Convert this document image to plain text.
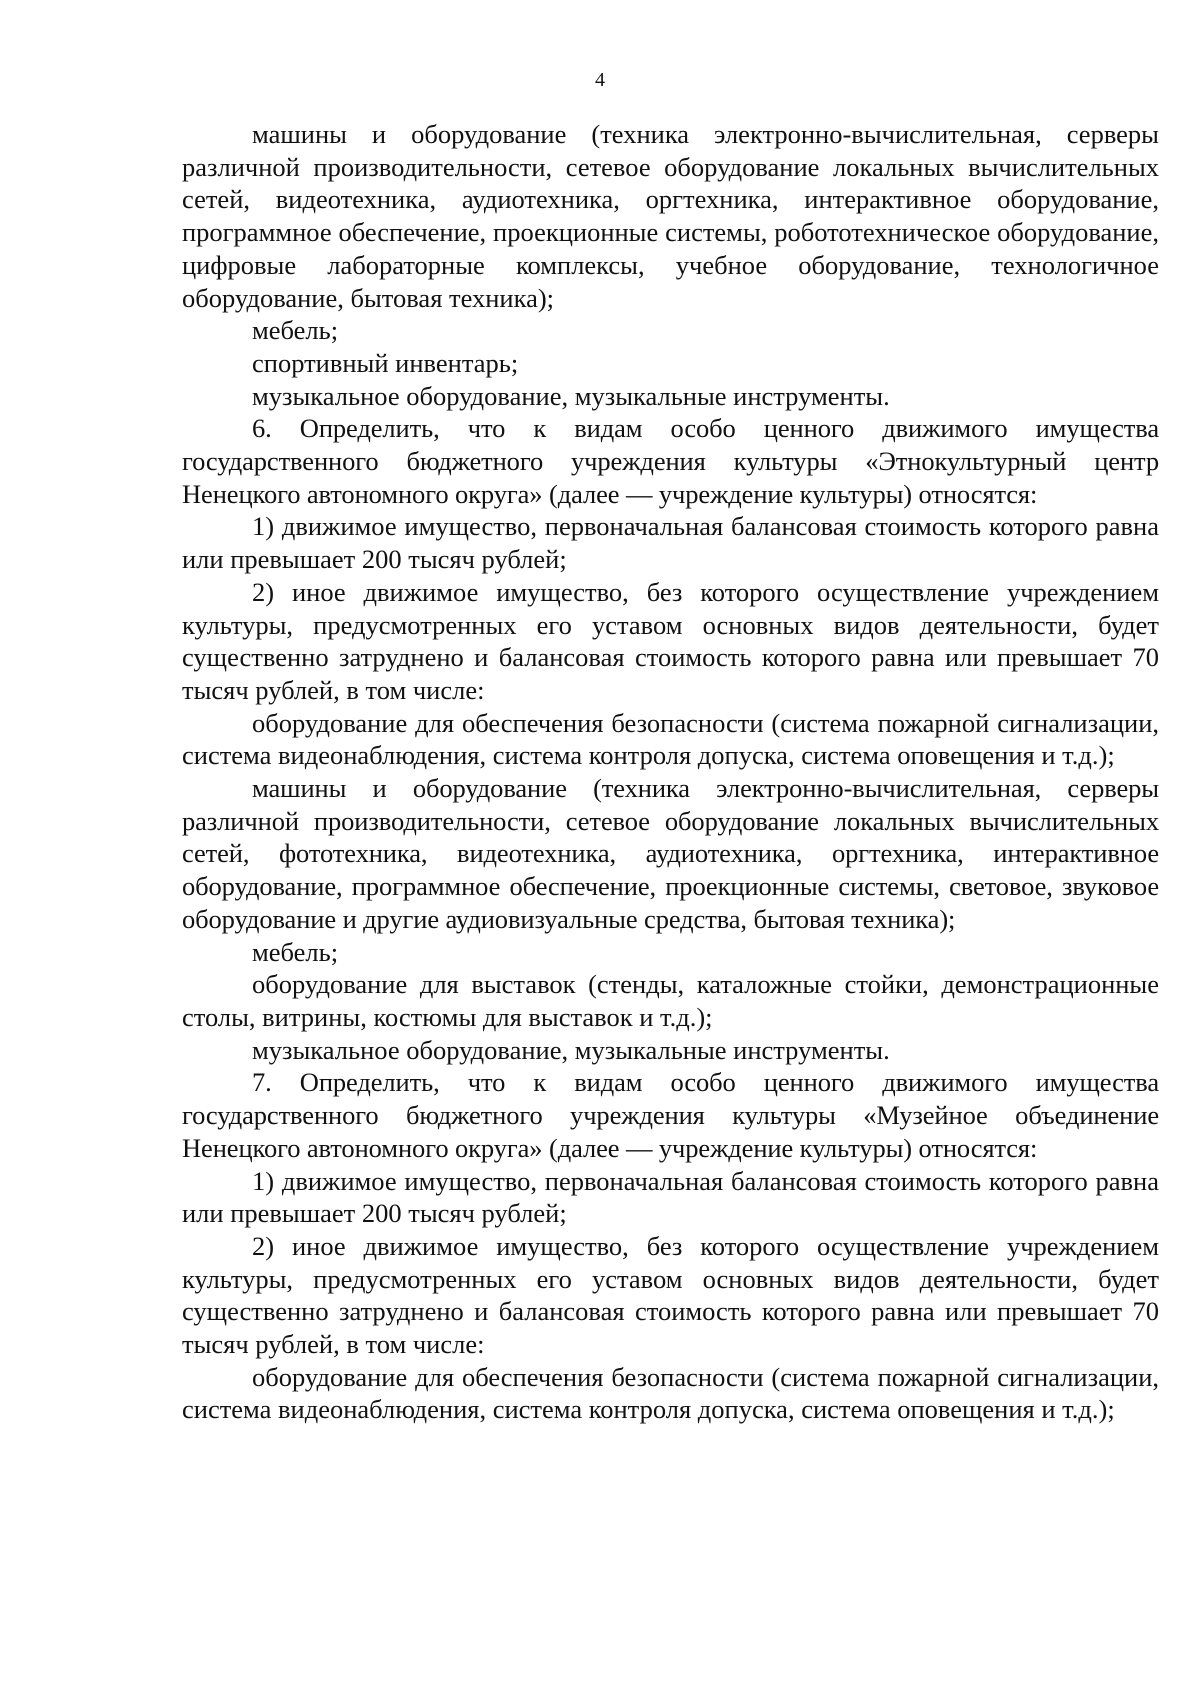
4

машины и оборудование (техника электронно-вычислительная, серверы различной производительности, сетевое оборудование локальных вычислительных сетей, видеотехника, аудиотехника, оргтехника, интерактивное оборудование, программное обеспечение, проекционные системы, робототехническое оборудование, цифровые лабораторные комплексы, учебное оборудование, технологичное оборудование, бытовая техника);

мебель;

спортивный инвентарь;

музыкальное оборудование, музыкальные инструменты.

6. Определить, что к видам особо ценного движимого имущества государственного бюджетного учреждения культуры «Этнокультурный центр Ненецкого автономного округа» (далее — учреждение культуры) относятся:

1) движимое имущество, первоначальная балансовая стоимость которого равна или превышает 200 тысяч рублей;

2) иное движимое имущество, без которого осуществление учреждением культуры, предусмотренных его уставом основных видов деятельности, будет существенно затруднено и балансовая стоимость которого равна или превышает 70 тысяч рублей, в том числе:

оборудование для обеспечения безопасности (система пожарной сигнализации, система видеонаблюдения, система контроля допуска, система оповещения и т.д.);

машины и оборудование (техника электронно-вычислительная, серверы различной производительности, сетевое оборудование локальных вычислительных сетей, фототехника, видеотехника, аудиотехника, оргтехника, интерактивное оборудование, программное обеспечение, проекционные системы, световое, звуковое оборудование и другие аудиовизуальные средства, бытовая техника);

мебель;

оборудование для выставок (стенды, каталожные стойки, демонстрационные столы, витрины, костюмы для выставок и т.д.);

музыкальное оборудование, музыкальные инструменты.

7. Определить, что к видам особо ценного движимого имущества государственного бюджетного учреждения культуры «Музейное объединение Ненецкого автономного округа» (далее — учреждение культуры) относятся:

1) движимое имущество, первоначальная балансовая стоимость которого равна или превышает 200 тысяч рублей;

2) иное движимое имущество, без которого осуществление учреждением культуры, предусмотренных его уставом основных видов деятельности, будет существенно затруднено и балансовая стоимость которого равна или превышает 70 тысяч рублей, в том числе:

оборудование для обеспечения безопасности (система пожарной сигнализации, система видеонаблюдения, система контроля допуска, система оповещения и т.д.);
